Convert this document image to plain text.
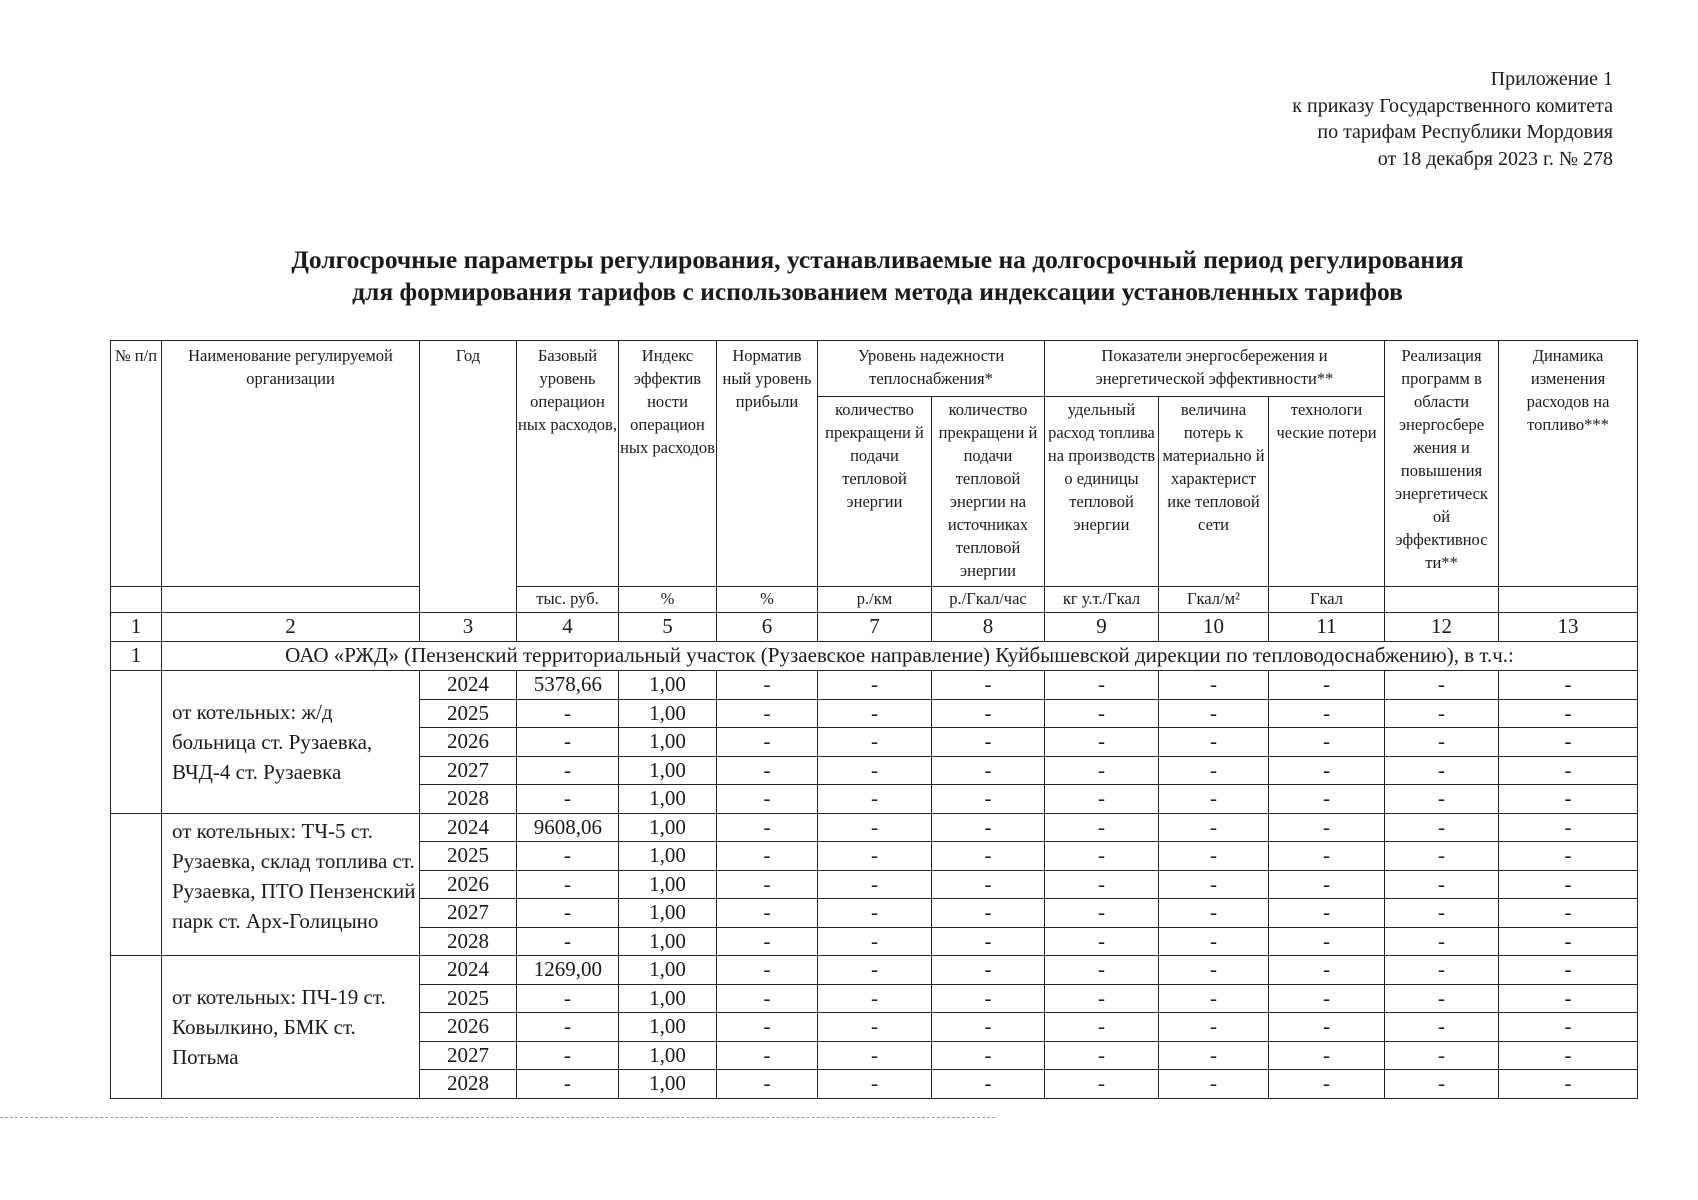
Приложение 1
к приказу Государственного комитета
по тарифам Республики Мордовия
от 18 декабря 2023 г. № 278
Долгосрочные параметры регулирования, устанавливаемые на долгосрочный период регулирования
для формирования тарифов с использованием метода индексации установленных тарифов
№ п/п	Наименование регулируемой организации	Год	Базовый уровень операцион ных расходов,	Индекс эффектив ности операцион ных расходов	Норматив ный уровень прибыли	Уровень надежности теплоснабжения*		Показатели энергосбережения и энергетической эффективности**			Реализация программ в области энергосбере жения и повышения энергетическ ой эффективнос ти**	Динамика изменения расходов на топливо***
						количество прекращени й подачи тепловой энергии	количество прекращени й подачи тепловой энергии на источниках тепловой энергии	удельный расход топлива на производств о единицы тепловой энергии	величина потерь к материально й характерист ике тепловой сети	технологи ческие потери		
			тыс. руб.	%	%	р./км	р./Гкал/час	кг у.т./Гкал	Гкал/м²	Гкал		
1	2	3	4	5	6	7	8	9	10	11	12	13
1	ОАО «РЖД» (Пензенский территориальный участок (Рузаевское направление) Куйбышевской дирекции по тепловодоснабжению), в т.ч.:											
	от котельных: ж/д больница ст. Рузаевка, ВЧД-4 ст. Рузаевка	2024	5378,66	1,00	-	-	-	-	-	-	-	-
		2025	-	1,00	-	-	-	-	-	-	-	-
		2026	-	1,00	-	-	-	-	-	-	-	-
		2027	-	1,00	-	-	-	-	-	-	-	-
		2028	-	1,00	-	-	-	-	-	-	-	-
	от котельных: ТЧ-5 ст. Рузаевка, склад топлива ст. Рузаевка, ПТО Пензенский парк ст. Арх-Голицыно	2024	9608,06	1,00	-	-	-	-	-	-	-	-
		2025	-	1,00	-	-	-	-	-	-	-	-
		2026	-	1,00	-	-	-	-	-	-	-	-
		2027	-	1,00	-	-	-	-	-	-	-	-
		2028	-	1,00	-	-	-	-	-	-	-	-
	от котельных: ПЧ-19 ст. Ковылкино, БМК ст. Потьма	2024	1269,00	1,00	-	-	-	-	-	-	-	-
		2025	-	1,00	-	-	-	-	-	-	-	-
		2026	-	1,00	-	-	-	-	-	-	-	-
		2027	-	1,00	-	-	-	-	-	-	-	-
		2028	-	1,00	-	-	-	-	-	-	-	-
